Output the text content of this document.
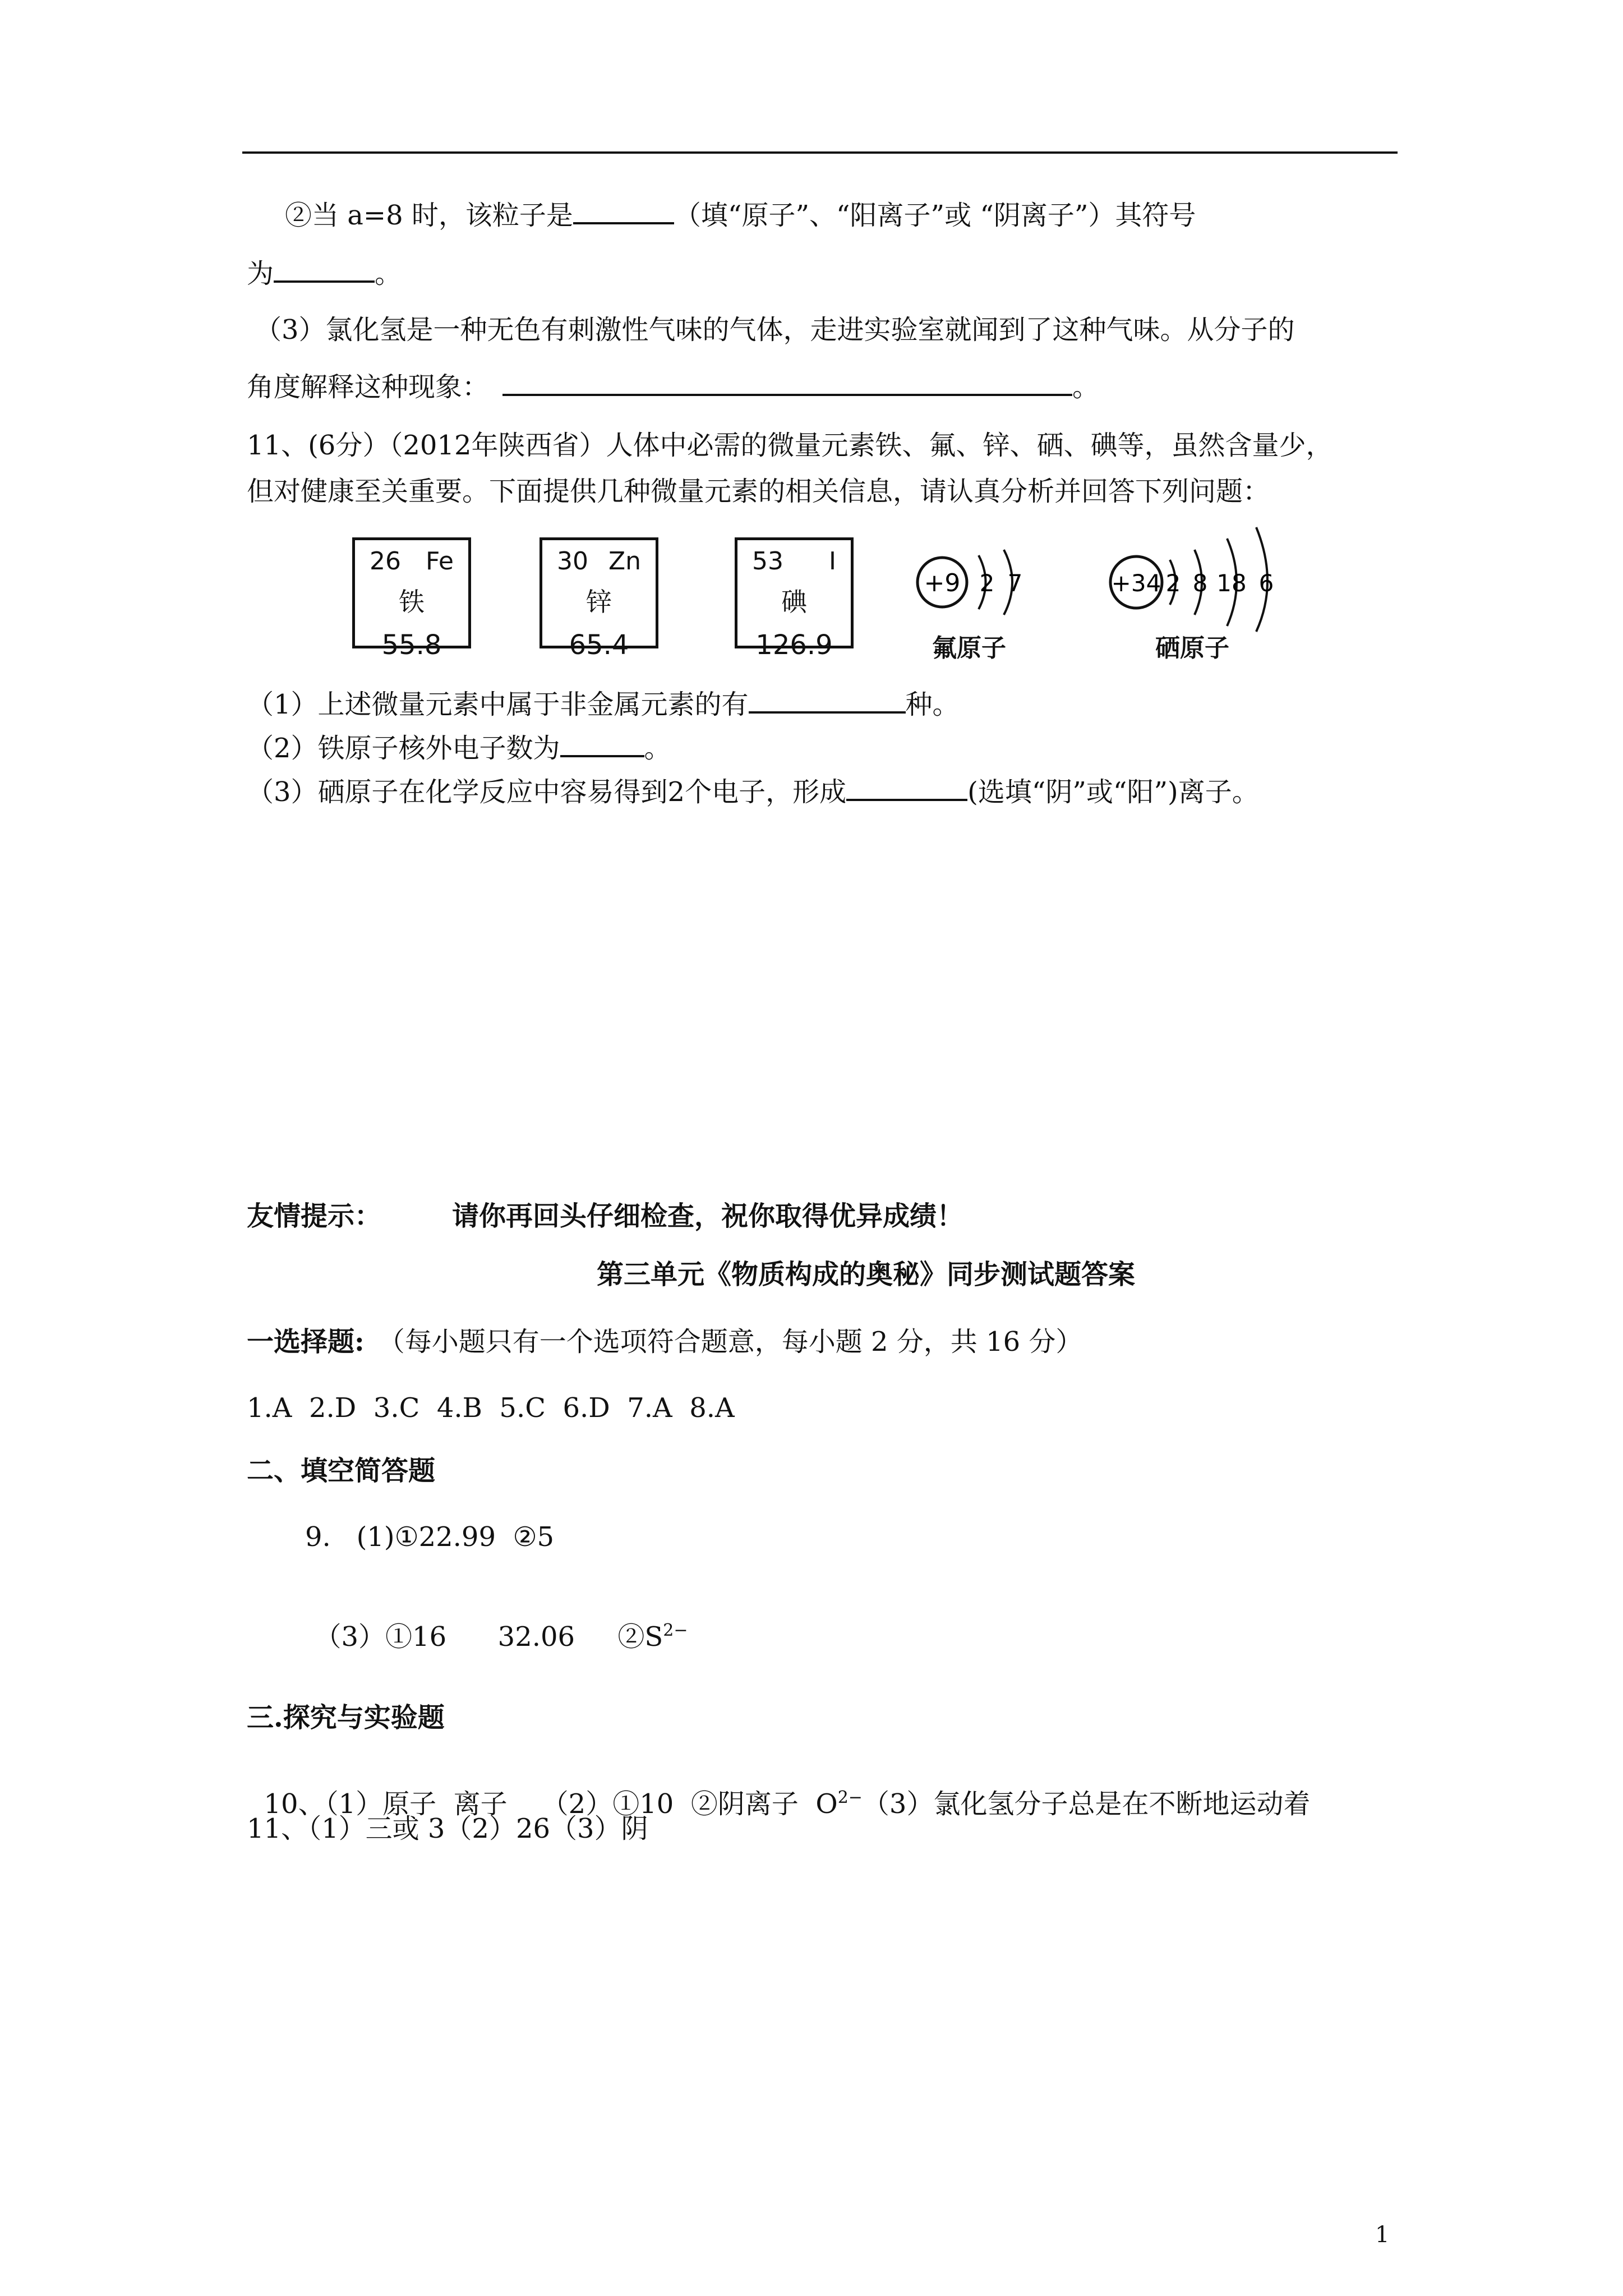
②当 a=8 时，该粒子是	（填“原子”、“阳离子”或 “阴离子”）其符号
为	。
（3）氯化氢是一种无色有刺激性气味的气体，走进实验室就闻到了这种气味。从分子的
角度解释这种现象：	。
11、(6分）（2012年陕西省）人体中必需的微量元素铁、氟、锌、硒、碘等，虽然含量少，
但对健康至关重要。下面提供几种微量元素的相关信息，请认真分析并回答下列问题：
26 Fe
铁
55.8
30 Zn
锌
65.4
53 I
碘
126.9
+9 2 7
氟原子
+34 2 8 18 6
硒原子
（1）上述微量元素中属于非金属元素的有	种。
（2）铁原子核外电子数为	。
（3）硒原子在化学反应中容易得到2个电子，形成	(选填“阴”或“阳”)离子。
友情提示：	请你再回头仔细检查，祝你取得优异成绩！
第三单元《物质构成的奥秘》同步测试题答案
一选择题: （每小题只有一个选项符合题意，每小题 2 分，共 16 分）
1.A  2.D  3.C  4.B  5.C  6.D  7.A  8.A
二、填空简答题
9.   (1)①22.99  ②5

（3）①16      32.06     $②S^{2-}$

三.探究与实验题

10、（1）原子  离子    （2）①10  ②阴离子  $O^{2-}(3)$氯化氢分子总是在不断地运动着

11、（1）三或 3（2）26（3）阴
1
